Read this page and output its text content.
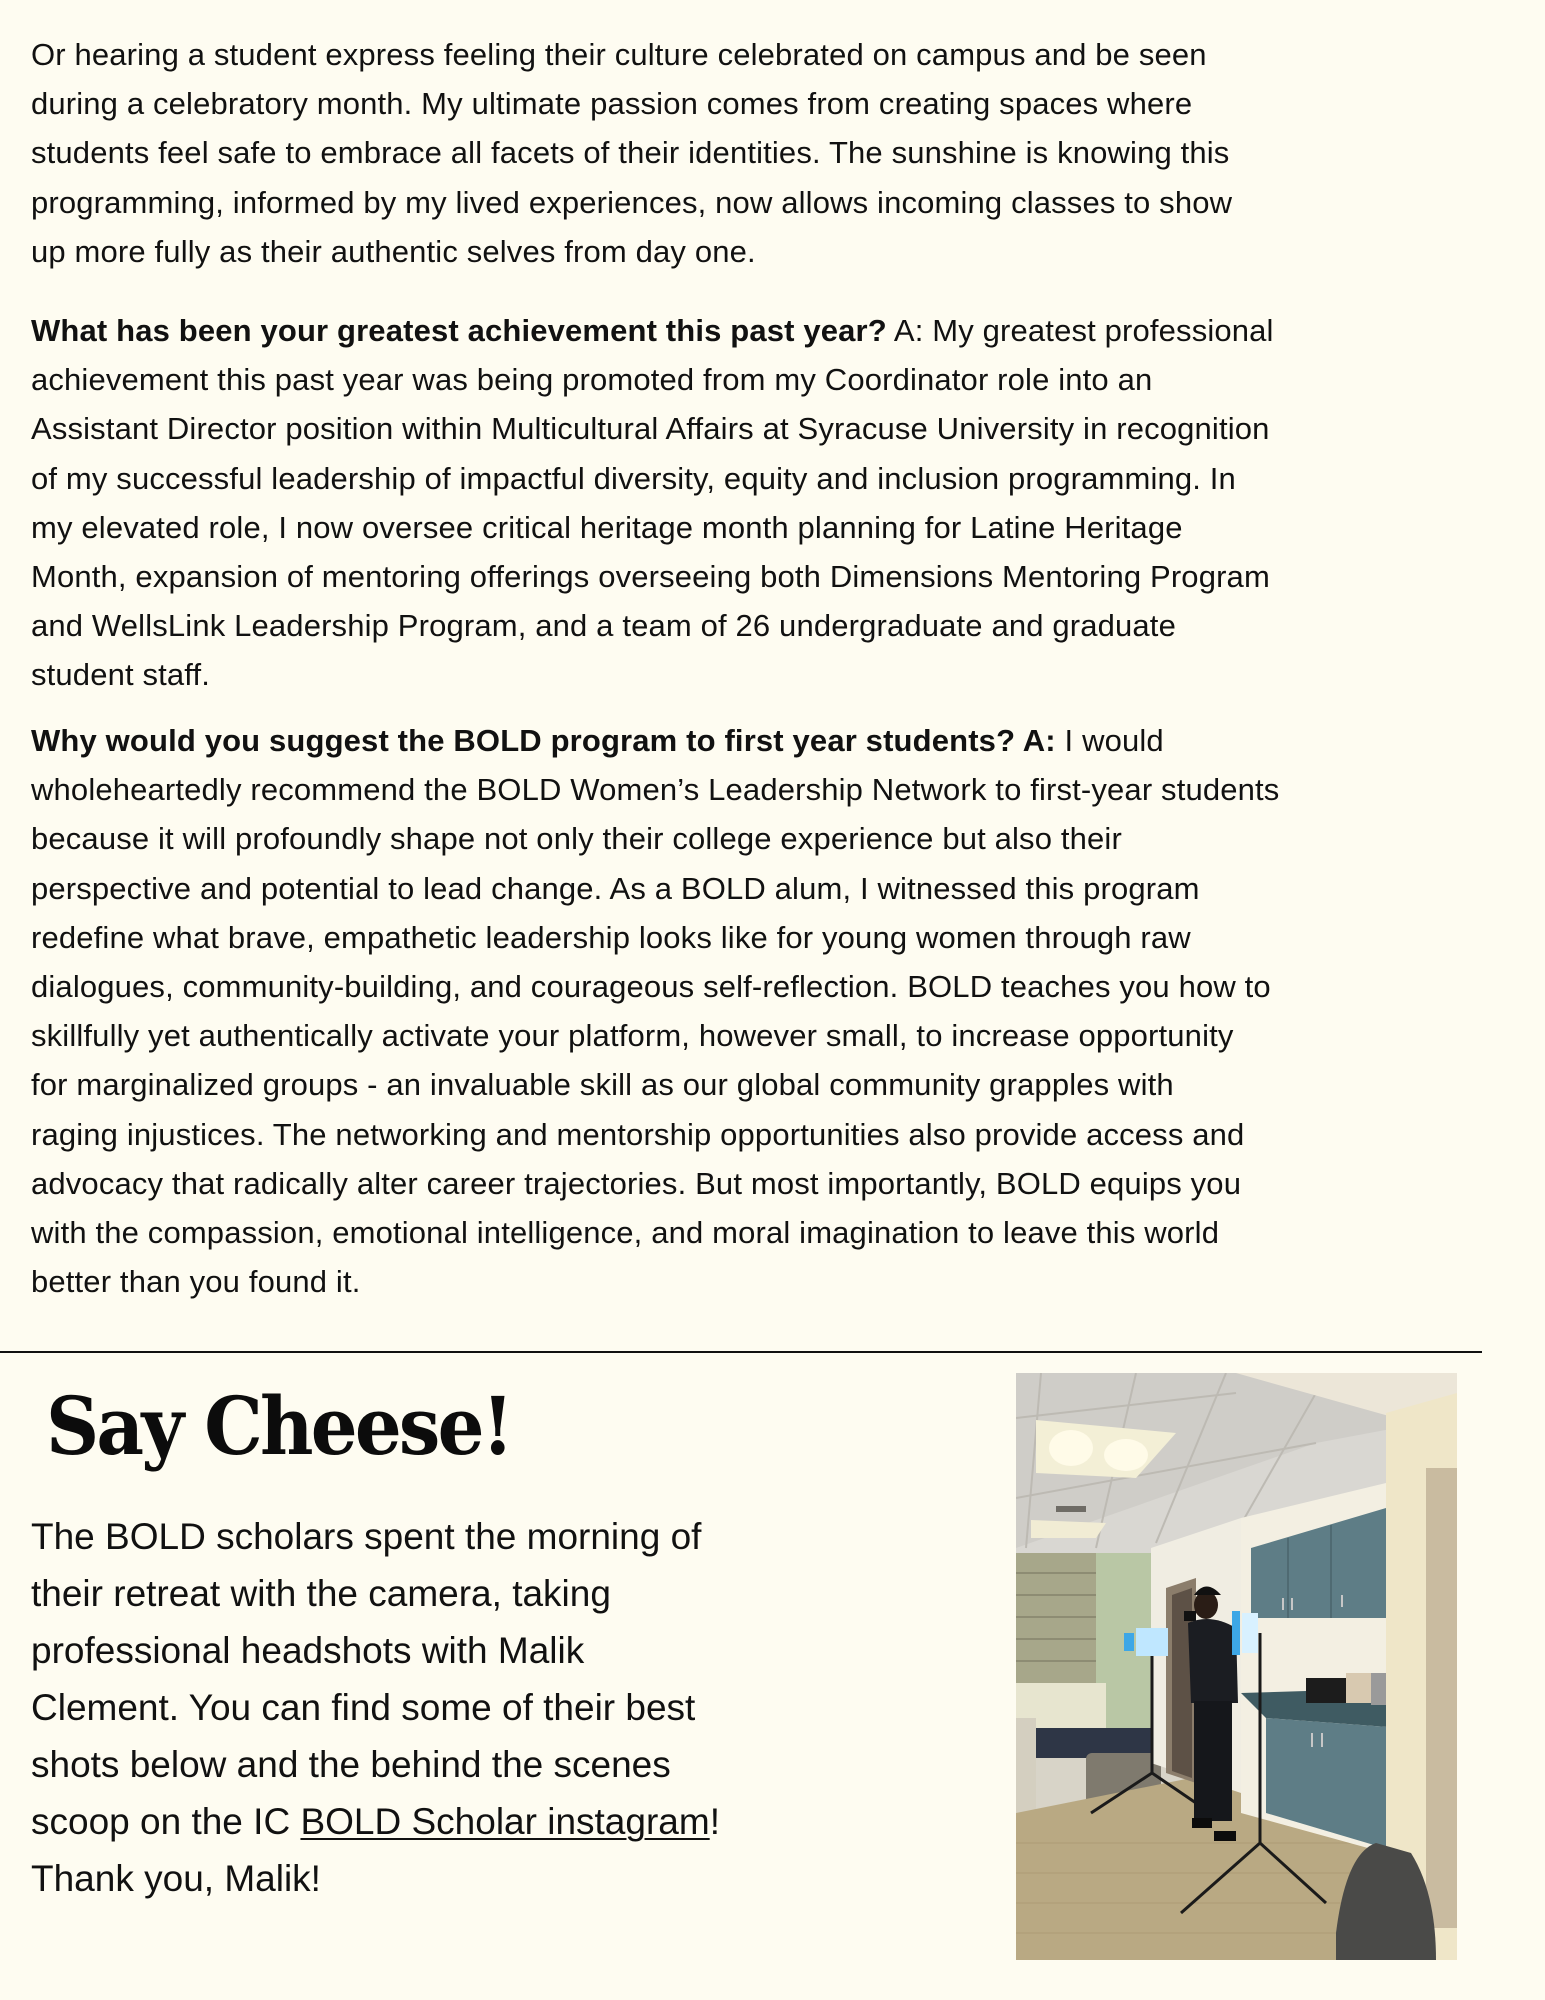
Or hearing a student express feeling their culture celebrated on campus and be seen
during a celebratory month. My ultimate passion comes from creating spaces where
students feel safe to embrace all facets of their identities. The sunshine is knowing this
programming, informed by my lived experiences, now allows incoming classes to show
up more fully as their authentic selves from day one.

What has been your greatest achievement this past year? A: My greatest professional
achievement this past year was being promoted from my Coordinator role into an
Assistant Director position within Multicultural Affairs at Syracuse University in recognition
of my successful leadership of impactful diversity, equity and inclusion programming. In
my elevated role, I now oversee critical heritage month planning for Latine Heritage
Month, expansion of mentoring offerings overseeing both Dimensions Mentoring Program
and WellsLink Leadership Program, and a team of 26 undergraduate and graduate
student staff.

Why would you suggest the BOLD program to first year students? A: I would
wholeheartedly recommend the BOLD Women’s Leadership Network to first-year students
because it will profoundly shape not only their college experience but also their
perspective and potential to lead change. As a BOLD alum, I witnessed this program
redefine what brave, empathetic leadership looks like for young women through raw
dialogues, community-building, and courageous self-reflection. BOLD teaches you how to
skillfully yet authentically activate your platform, however small, to increase opportunity
for marginalized groups - an invaluable skill as our global community grapples with
raging injustices. The networking and mentorship opportunities also provide access and
advocacy that radically alter career trajectories. But most importantly, BOLD equips you
with the compassion, emotional intelligence, and moral imagination to leave this world
better than you found it.

Say Cheese!

The BOLD scholars spent the morning of
their retreat with the camera, taking
professional headshots with Malik
Clement. You can find some of their best
shots below and the behind the scenes
scoop on the IC BOLD Scholar instagram!
Thank you, Malik!
